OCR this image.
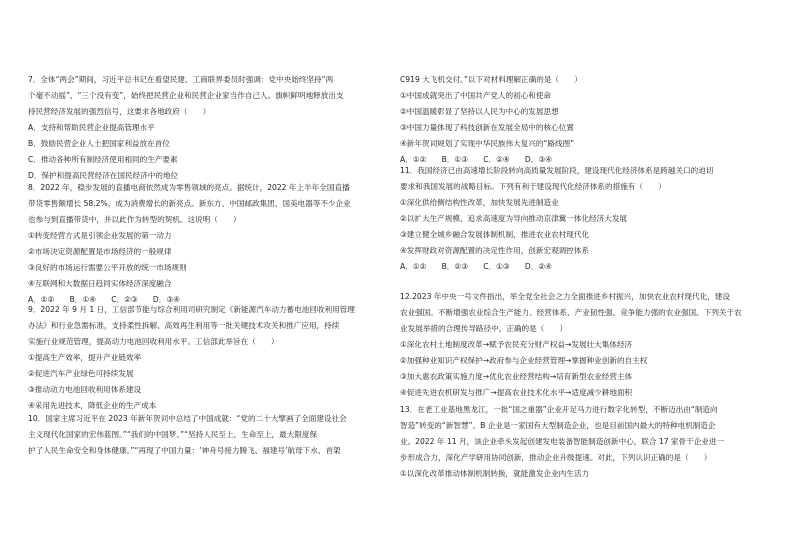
7．全体“两会”期间，习近平总书记在看望民建、工商联界委员时强调：党中央始终坚持“两
个毫不动摇”、“三个没有变”，始终把民营企业和民营企业家当作自己人。旗帜鲜明地释放出支
持民营经济发展的强烈信号，这要求各地政府（　　）
A．支持和帮助民营企业提高管理水平
B．鼓励民营企业人士把国家利益放在首位
C．推动各种所有制经济使用相同的生产要素
D．保护和提高民营经济在国民经济中的地位
8．2022 年，稳步发展的直播电商依然成为零售领域的亮点。据统计，2022 年上半年全国直播
带货零售额增长 58.2%，成为消费增长的新亮点。新东方、中国邮政集团、国美电器等不少企业
也参与到直播带货中，并以此作为转型的契机。这说明（　　）
①转变经营方式是引领企业发展的第一动力
②市场决定资源配置是市场经济的一般规律
③良好的市场运行需要公平开放的统一市场规则
④互联网和大数据日趋同实体经济深度融合
A．①②　　B．①④　　C．②③　　D．③④
9．2022 年 9 月 1 日，工信部节能与综合利用司研究制定《新能源汽车动力蓄电池回收利用管理
办法》和行业急需标准，支持柔性拆解、高效再生利用等一批关键技术攻关和推广应用，持续
实施行业规范管理，提高动力电池回收利用水平。工信部此举旨在（　　）
①提高生产效率，提升产业链效率
②促进汽车产业绿色可持续发展
③推动动力电池回收利用体系建设
④采用先进技术，降低企业的生产成本
10．国家主席习近平在 2023 年新年贺词中总结了中国成就：“党的二十大擘画了全面建设社会
主义现代化国家的宏伟蓝图。”“我们的中国梦。”“坚持人民至上，生命至上，最大限度保
护了人民生命安全和身体健康。”“再现了中国力量：‘神舟号接力腾飞、福建号’航母下水、首架
C919 大飞机交付。”以下对材料理解正确的是（　　）
①中国成就突出了中国共产党人的初心和使命
②中国温暖彰显了坚持以人民为中心的发展思想
③中国力量体现了科技创新在发展全局中的核心位置
④新年贺词规划了实现中华民族伟大复兴的“路线图”
A．①②　　B．①③　　C．②④　　D．③④
11．我国经济已由高速增长阶段转向高质量发展阶段，建设现代化经济体系是跨越关口的迫切
要求和我国发展的战略目标。下列有利于建设现代化经济体系的措施有（　　）
①深化供给侧结构性改革，加快发展先进制造业
②以扩大生产规模、追求高速度为导向推动京津冀一体化经济大发展
③建立健全城乡融合发展体制机制，推进农业农村现代化
④发挥财政对资源配置的决定性作用，创新宏观调控体系
A．①②　　B．②③　　C．①③　　D．②④
12.2023 年中央一号文件指出，举全党全社会之力全面推进乡村振兴，加快农业农村现代化，建设
农业强国。不断增强农业综合生产能力、经营体系、产业韧性强、竞争能力强的农业强国。下列关于农
业发展举措的合理传导路径中，正确的是（　　）
①深化农村土地制度改革→赋予农民充分财产权益→发展壮大集体经济
②加强种业知识产权保护→政府参与企业经营管理→掌握种业创新的自主权
③加大惠农政策实施力度→优化农业经营结构→培育新型农业经营主体
④促进先进农机研发与推广→提高农业技术化水平→适度减少耕地面积
13．在老工业基地黑龙江，一批“国之重器”企业开足马力进行数字化转型，不断迈出由“制造向
智造”转变的“新智慧”。B 企业是一家国有大型制造企业，也是目前国内最大的特种电机制造企
业。2022 年 11 月，该企业牵头发起创建发电装备智能制造创新中心，联合 17 家骨干企业进一
步形成合力，深化产学研用协同创新，推动企业升级提速。对此，下列认识正确的是（　　）
①以深化改革推动体制机制转换，就能激发企业内生活力
